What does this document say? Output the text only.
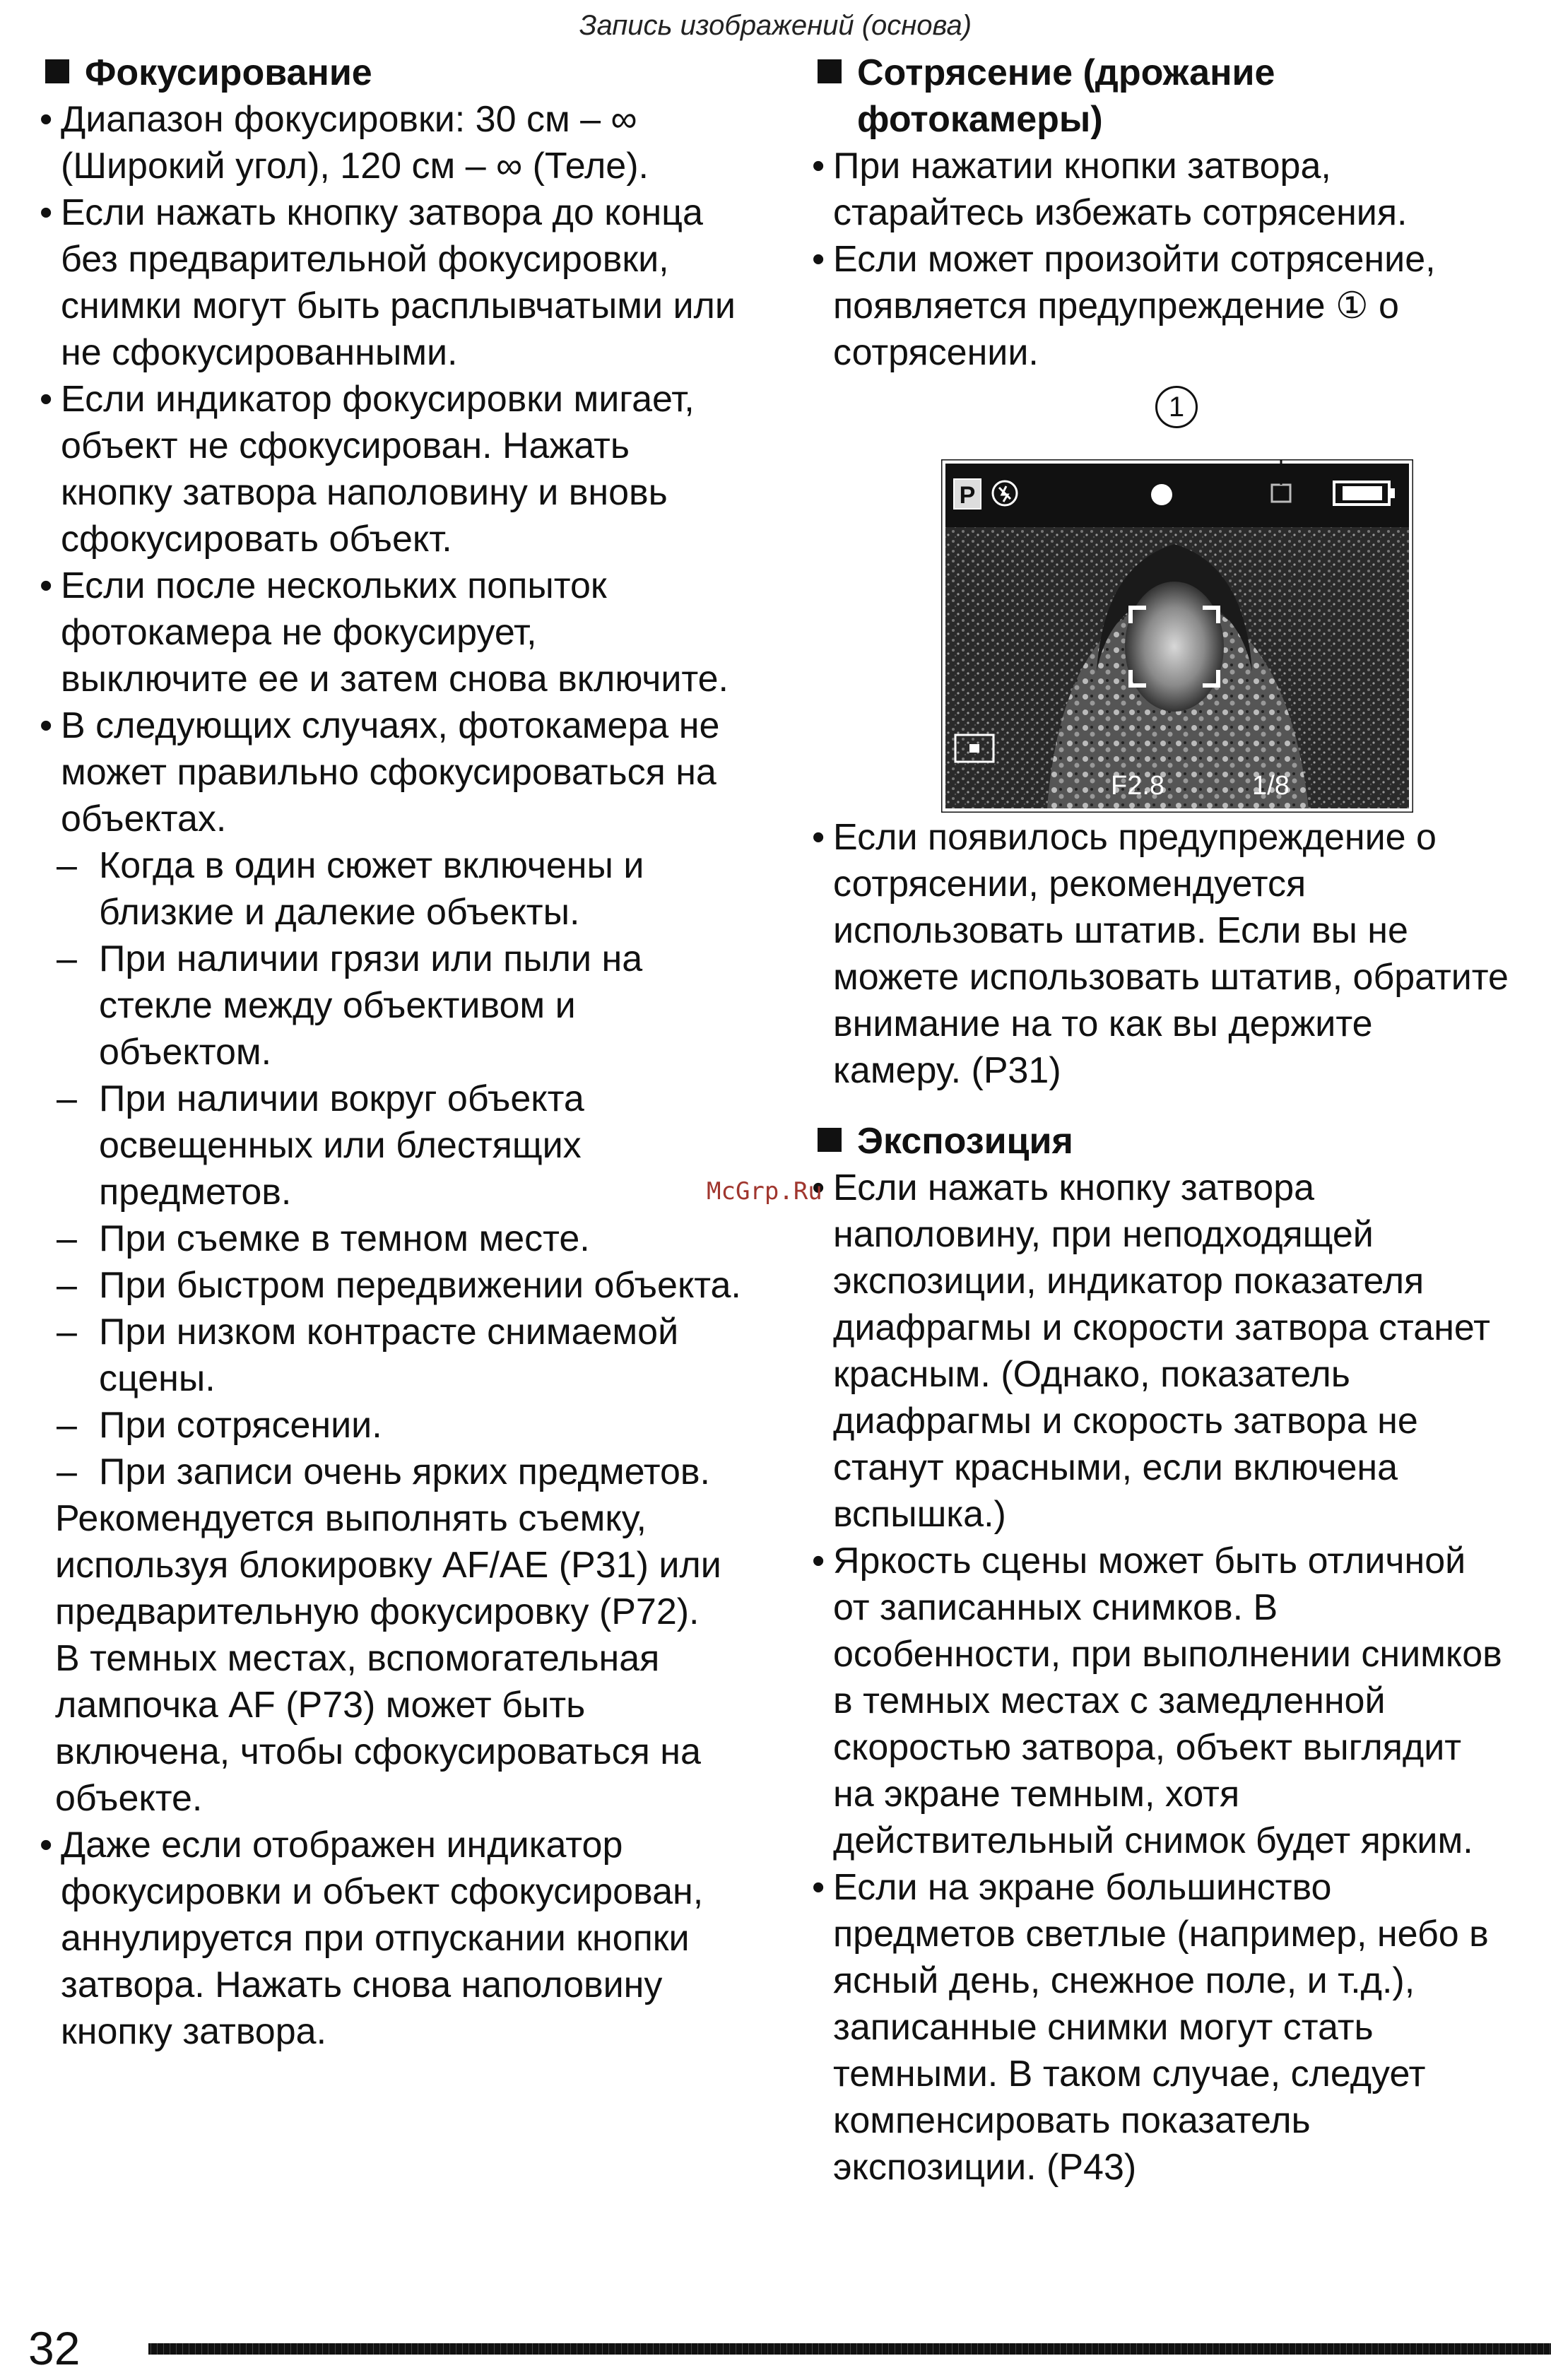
Запись изображений (основа)
Фокусирование
• Диапазон фокусировки: 30 см – ∞
(Широкий угол), 120 см – ∞ (Теле).
• Если нажать кнопку затвора до конца
без предварительной фокусировки,
снимки могут быть расплывчатыми или
не сфокусированными.
• Если индикатор фокусировки мигает,
объект не сфокусирован. Нажать
кнопку затвора наполовину и вновь
сфокусировать объект.
• Если после нескольких попыток
фотокамера не фокусирует,
выключите ее и затем снова включите.
• В следующих случаях, фотокамера не
может правильно сфокусироваться на
объектах.
– Когда в один сюжет включены и
близкие и далекие объекты.
– При наличии грязи или пыли на
стекле между объективом и
объектом.
– При наличии вокруг объекта
освещенных или блестящих
предметов.
– При съемке в темном месте.
– При быстром передвижении объекта.
– При низком контрасте снимаемой
сцены.
– При сотрясении.
– При записи очень ярких предметов.
Рекомендуется выполнять съемку,
используя блокировку AF/AE (P31) или
предварительную фокусировку (P72).
В темных местах, вспомогательная
лампочка AF (P73) может быть
включена, чтобы сфокусироваться на
объекте.
• Даже если отображен индикатор
фокусировки и объект сфокусирован,
аннулируется при отпускании кнопки
затвора. Нажать снова наполовину
кнопку затвора.
Сотрясение (дрожание
фотокамеры)
• При нажатии кнопки затвора,
старайтесь избежать сотрясения.
• Если может произойти сотрясение,
появляется предупреждение ① о
сотрясении.
1
P
F2.8	1/8
• Если появилось предупреждение о
сотрясении, рекомендуется
использовать штатив. Если вы не
можете использовать штатив, обратите
внимание на то как вы держите
камеру. (P31)
Экспозиция
• Если нажать кнопку затвора
наполовину, при неподходящей
экспозиции, индикатор показателя
диафрагмы и скорости затвора станет
красным. (Однако, показатель
диафрагмы и скорость затвора не
станут красными, если включена
вспышка.)
• Яркость сцены может быть отличной
от записанных снимков. В
особенности, при выполнении снимков
в темных местах с замедленной
скоростью затвора, объект выглядит
на экране темным, хотя
действительный снимок будет ярким.
• Если на экране большинство
предметов светлые (например, небо в
ясный день, снежное поле, и т.д.),
записанные снимки могут стать
темными. В таком случае, следует
компенсировать показатель
экспозиции. (P43)
McGrp.Ru
32
